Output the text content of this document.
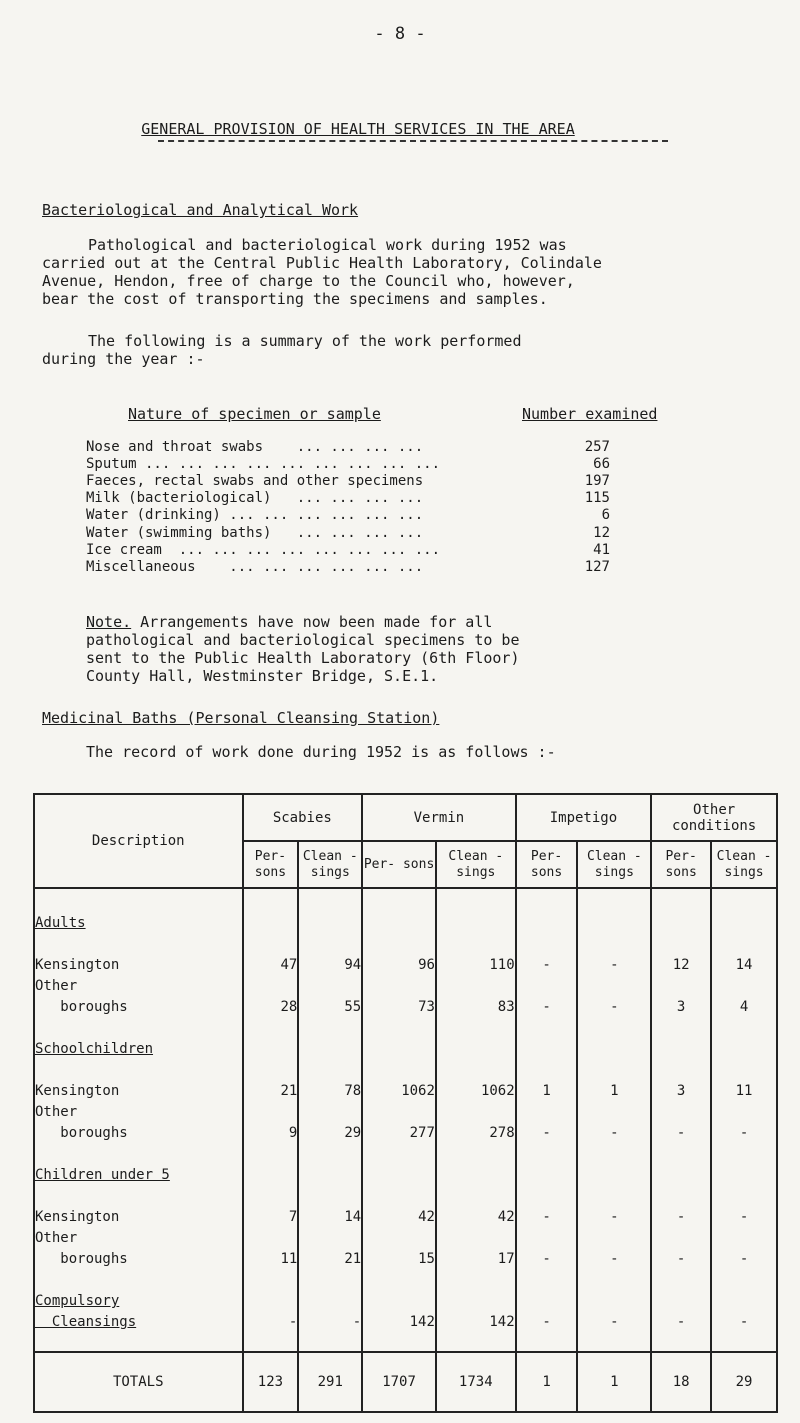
- 8 -
GENERAL PROVISION OF HEALTH SERVICES IN THE AREA
Bacteriological and Analytical Work
Pathological and bacteriological work during 1952 was
carried out at the Central Public Health Laboratory, Colindale
Avenue, Hendon, free of charge to the Council who, however,
bear the cost of transporting the specimens and samples.
The following is a summary of the work performed
during the year :-
Nature of specimen or sample	Number examined
Nose and throat swabs    ... ... ... ...	257
Sputum ... ... ... ... ... ... ... ... ...	66
Faeces, rectal swabs and other specimens	197
Milk (bacteriological)   ... ... ... ...	115
Water (drinking) ... ... ... ... ... ...	6
Water (swimming baths)   ... ... ... ...	12
Ice cream  ... ... ... ... ... ... ... ...	41
Miscellaneous    ... ... ... ... ... ...	127
Note. Arrangements have now been made for all
pathological and bacteriological specimens to be
sent to the Public Health Laboratory (6th Floor)
County Hall, Westminster Bridge, S.E.1.
Medicinal Baths (Personal Cleansing Station)
The record of work done during 1952 is as follows :-
Description	Scabies		Vermin		Impetigo		Other conditions	
	Per- sons	Clean -sings	Per- sons	Clean -sings	Per- sons	Clean -sings	Per- sons	Clean -sings

Adults								

Kensington	47	94	96	110	-	-	12	14
Other								
boroughs	28	55	73	83	-	-	3	4

Schoolchildren								

Kensington	21	78	1062	1062	1	1	3	11
Other								
boroughs	9	29	277	278	-	-	-	-

Children under 5								

Kensington	7	14	42	42	-	-	-	-
Other								
boroughs	11	21	15	17	-	-	-	-

Compulsory								
Cleansings	-	-	142	142	-	-	-	-

TOTALS	123	291	1707	1734	1	1	18	29
